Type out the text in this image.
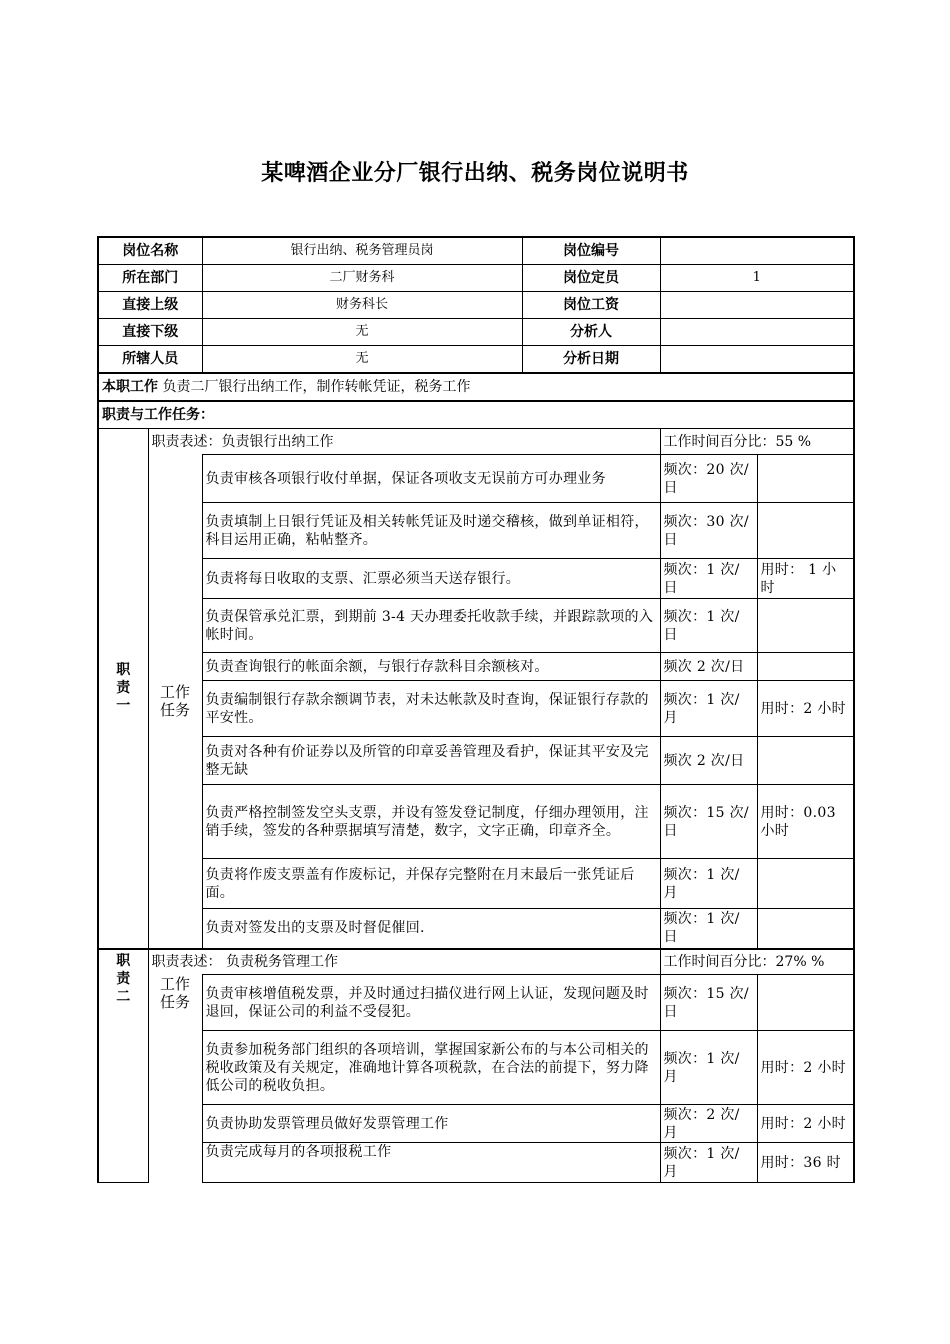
某啤酒企业分厂银行出纳、税务岗位说明书
岗位名称		银行出纳、税务管理员岗	岗位编号		
所在部门		二厂财务科	岗位定员	1	
直接上级		财务科长	岗位工资		
直接下级		无	分析人		
所辖人员		无	分析日期		
本职工作 负责二厂银行出纳工作，制作转帐凭证，税务工作					
职责与工作任务：					
职责一	职责表述：负责银行出纳工作			工作时间百分比：55 %	
	工作任务	负责审核各项银行收付单据，保证各项收支无误前方可办理业务		频次：20 次/日	
		负责填制上日银行凭证及相关转帐凭证及时递交稽核，做到单证相符，科目运用正确，粘帖整齐。		频次：30 次/日	
		负责将每日收取的支票、汇票必须当天送存银行。		频次：1 次/日	用时： 1 小时
		负责保管承兑汇票，到期前 3-4 天办理委托收款手续，并跟踪款项的入帐时间。		频次：1 次/日	
		负责查询银行的帐面余额，与银行存款科目余额核对。		频次 2 次/日	
		负责编制银行存款余额调节表，对未达帐款及时查询，保证银行存款的平安性。		频次：1 次/月	用时：2 小时
		负责对各种有价证券以及所管的印章妥善管理及看护，保证其平安及完整无缺		频次 2 次/日	
		负责严格控制签发空头支票，并设有签发登记制度，仔细办理领用，注销手续，签发的各种票据填写清楚，数字，文字正确，印章齐全。		频次：15 次/日	用时：0.03 小时
		负责将作废支票盖有作废标记，并保存完整附在月末最后一张凭证后面。		频次：1 次/月	
		负责对签发出的支票及时督促催回.		频次：1 次/日	
职责二	职责表述： 负责税务管理工作			工作时间百分比：27% %	
	工作任务	负责审核增值税发票，并及时通过扫描仪进行网上认证，发现问题及时退回，保证公司的利益不受侵犯。		频次：15 次/日	
		负责参加税务部门组织的各项培训，掌握国家新公布的与本公司相关的税收政策及有关规定，准确地计算各项税款，在合法的前提下，努力降低公司的税收负担。		频次：1 次/月	用时：2 小时
		负责协助发票管理员做好发票管理工作		频次：2 次/月	用时：2 小时
		负责完成每月的各项报税工作		频次：1 次/月	用时：36 时
